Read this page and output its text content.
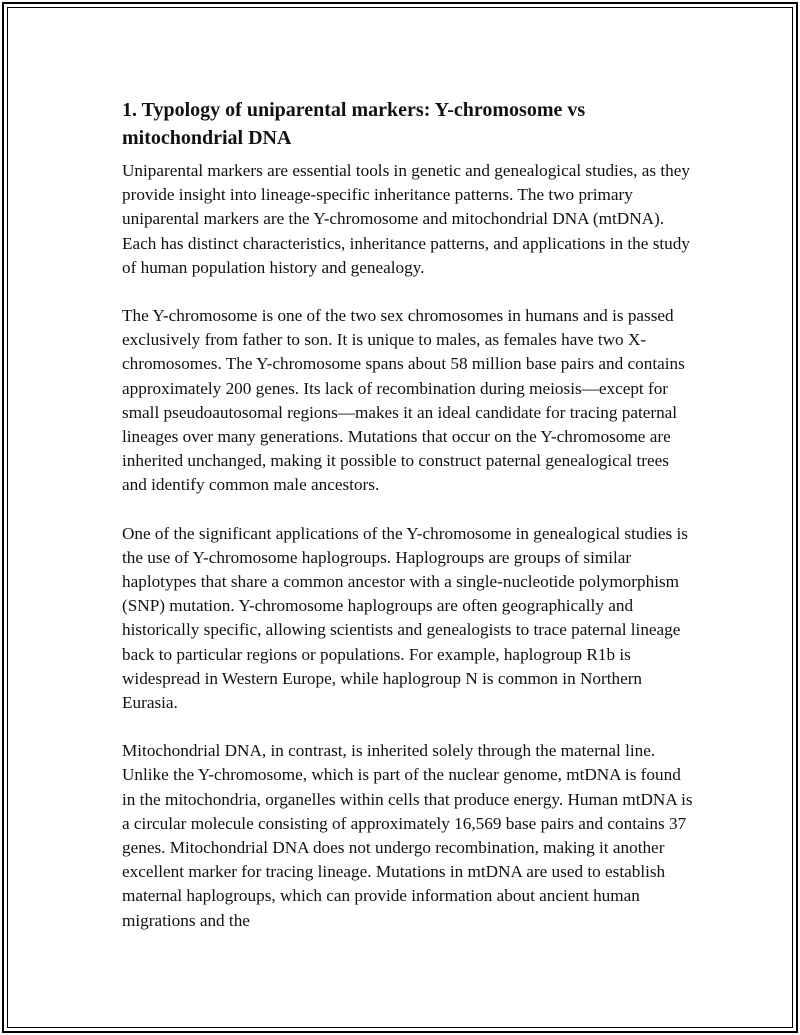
1. Typology of uniparental markers: Y-chromosome vs mitochondrial DNA

Uniparental markers are essential tools in genetic and genealogical studies, as they provide insight into lineage-specific inheritance patterns. The two primary uniparental markers are the Y-chromosome and mitochondrial DNA (mtDNA). Each has distinct characteristics, inheritance patterns, and applications in the study of human population history and genealogy.

The Y-chromosome is one of the two sex chromosomes in humans and is passed exclusively from father to son. It is unique to males, as females have two X-chromosomes. The Y-chromosome spans about 58 million base pairs and contains approximately 200 genes. Its lack of recombination during meiosis—except for small pseudoautosomal regions—makes it an ideal candidate for tracing paternal lineages over many generations. Mutations that occur on the Y-chromosome are inherited unchanged, making it possible to construct paternal genealogical trees and identify common male ancestors.

One of the significant applications of the Y-chromosome in genealogical studies is the use of Y-chromosome haplogroups. Haplogroups are groups of similar haplotypes that share a common ancestor with a single-nucleotide polymorphism (SNP) mutation. Y-chromosome haplogroups are often geographically and historically specific, allowing scientists and genealogists to trace paternal lineage back to particular regions or populations. For example, haplogroup R1b is widespread in Western Europe, while haplogroup N is common in Northern Eurasia.

Mitochondrial DNA, in contrast, is inherited solely through the maternal line. Unlike the Y-chromosome, which is part of the nuclear genome, mtDNA is found in the mitochondria, organelles within cells that produce energy. Human mtDNA is a circular molecule consisting of approximately 16,569 base pairs and contains 37 genes. Mitochondrial DNA does not undergo recombination, making it another excellent marker for tracing lineage. Mutations in mtDNA are used to establish maternal haplogroups, which can provide information about ancient human migrations and the
